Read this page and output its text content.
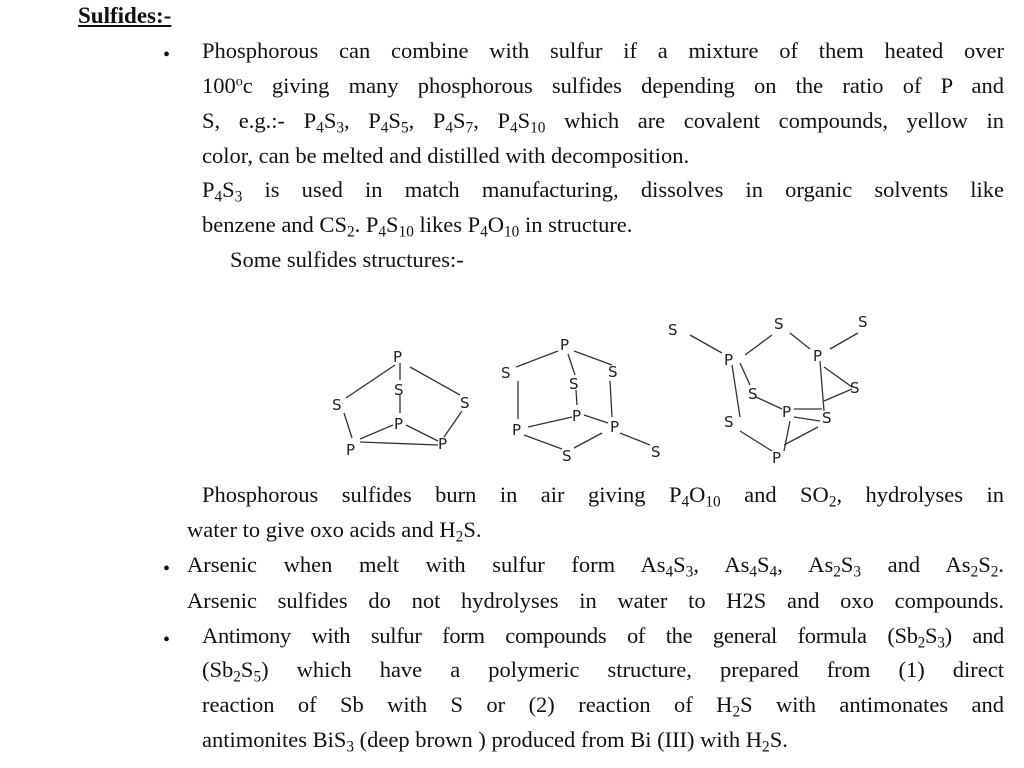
Sulfides:-
• Phosphorous can combine with sulfur if a mixture of them heated over
100$^o$c giving many phosphorous sulfides depending on the ratio of P and
S, e.g.:- $P_4S_3$, $P_4S_5$, $P_4S_7$, $P_4S_{10}$ which are covalent compounds, yellow in
color, can be melted and distilled with decomposition.
$P_4S_3$ is used in match manufacturing, dissolves in organic solvents like
benzene and $CS_2$. $P_4S_{10}$ likes $P_4O_{10}$ in structure.
Some sulfides structures:-
P
S
P
S	S
P	P
P
S	S
S
P
P	P
S	S
S
P
S
P
S
S	S
P S
S
P
Phosphorous sulfides burn in air giving $P_4O_{10}$ and $SO_2$, hydrolyses in
water to give oxo acids and $H_2S$.
• Arsenic when melt with sulfur form $As_4S_3$, $As_4S_4$, $As_2S_3$ and $As_2S_2$.
Arsenic sulfides do not hydrolyses in water to H2S and oxo compounds.
• Antimony with sulfur form compounds of the general formula $(Sb_2S_3)$ and
$(Sb_2S_5)$ which have a polymeric structure, prepared from (1) direct
reaction of Sb with S or (2) reaction of $H_2S$ with antimonates and
antimonites BiS$_3$ (deep brown ) produced from Bi (III) with $H_2S$.
